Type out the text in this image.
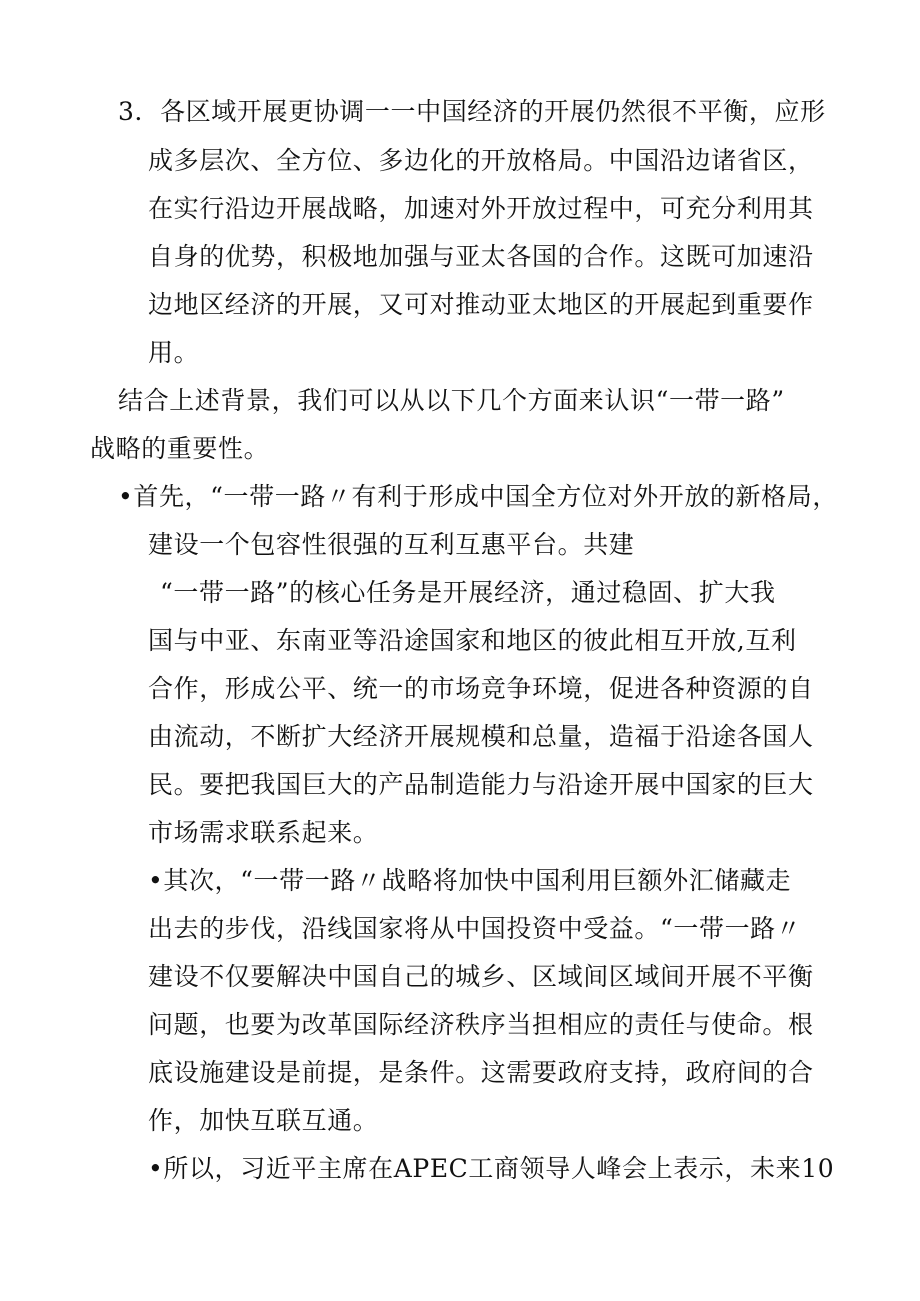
3．各区域开展更协调一一中国经济的开展仍然很不平衡，应形
成多层次、全方位、多边化的开放格局。中国沿边诸省区，
在实行沿边开展战略，加速对外开放过程中，可充分利用其
自身的优势，积极地加强与亚太各国的合作。这既可加速沿
边地区经济的开展，又可对推动亚太地区的开展起到重要作
用。
结合上述背景，我们可以从以下几个方面来认识“一带一路”
战略的重要性。
•首先，“一带一路〃有利于形成中国全方位对外开放的新格局，
建设一个包容性很强的互利互惠平台。共建
“一带一路”的核心任务是开展经济，通过稳固、扩大我
国与中亚、东南亚等沿途国家和地区的彼此相互开放,互利
合作，形成公平、统一的市场竞争环境，促进各种资源的自
由流动，不断扩大经济开展规模和总量，造福于沿途各国人
民。要把我国巨大的产品制造能力与沿途开展中国家的巨大
市场需求联系起来。
•其次，“一带一路〃战略将加快中国利用巨额外汇储藏走
出去的步伐，沿线国家将从中国投资中受益。“一带一路〃
建设不仅要解决中国自己的城乡、区域间区域间开展不平衡
问题，也要为改革国际经济秩序当担相应的责任与使命。根
底设施建设是前提，是条件。这需要政府支持，政府间的合
作，加快互联互通。
•所以，习近平主席在APEC工商领导人峰会上表示，未来10
